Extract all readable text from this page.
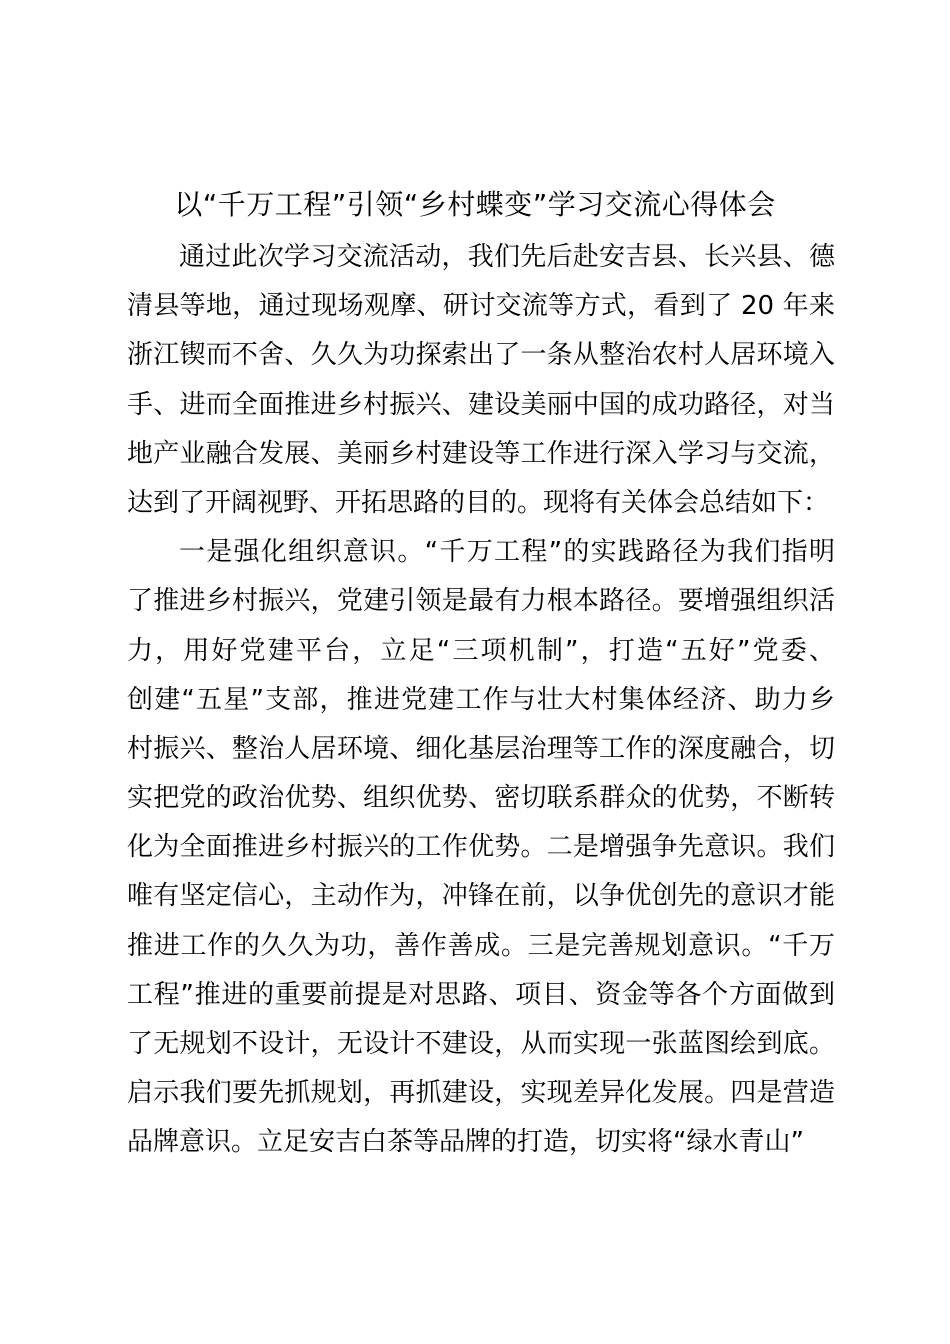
以“千万工程”引领“乡村蝶变”学习交流心得体会
通过此次学习交流活动，我们先后赴安吉县、长兴县、德
清县等地，通过现场观摩、研讨交流等方式，看到了 20 年来
浙江锲而不舍、久久为功探索出了一条从整治农村人居环境入
手、进而全面推进乡村振兴、建设美丽中国的成功路径，对当
地产业融合发展、美丽乡村建设等工作进行深入学习与交流，
达到了开阔视野、开拓思路的目的。现将有关体会总结如下：
一是强化组织意识。“千万工程”的实践路径为我们指明
了推进乡村振兴，党建引领是最有力根本路径。要增强组织活
力，用好党建平台，立足“三项机制”，打造“五好”党委、
创建“五星”支部，推进党建工作与壮大村集体经济、助力乡
村振兴、整治人居环境、细化基层治理等工作的深度融合，切
实把党的政治优势、组织优势、密切联系群众的优势，不断转
化为全面推进乡村振兴的工作优势。二是增强争先意识。我们
唯有坚定信心，主动作为，冲锋在前，以争优创先的意识才能
推进工作的久久为功，善作善成。三是完善规划意识。“千万
工程”推进的重要前提是对思路、项目、资金等各个方面做到
了无规划不设计，无设计不建设，从而实现一张蓝图绘到底。
启示我们要先抓规划，再抓建设，实现差异化发展。四是营造
品牌意识。立足安吉白茶等品牌的打造，切实将“绿水青山”
